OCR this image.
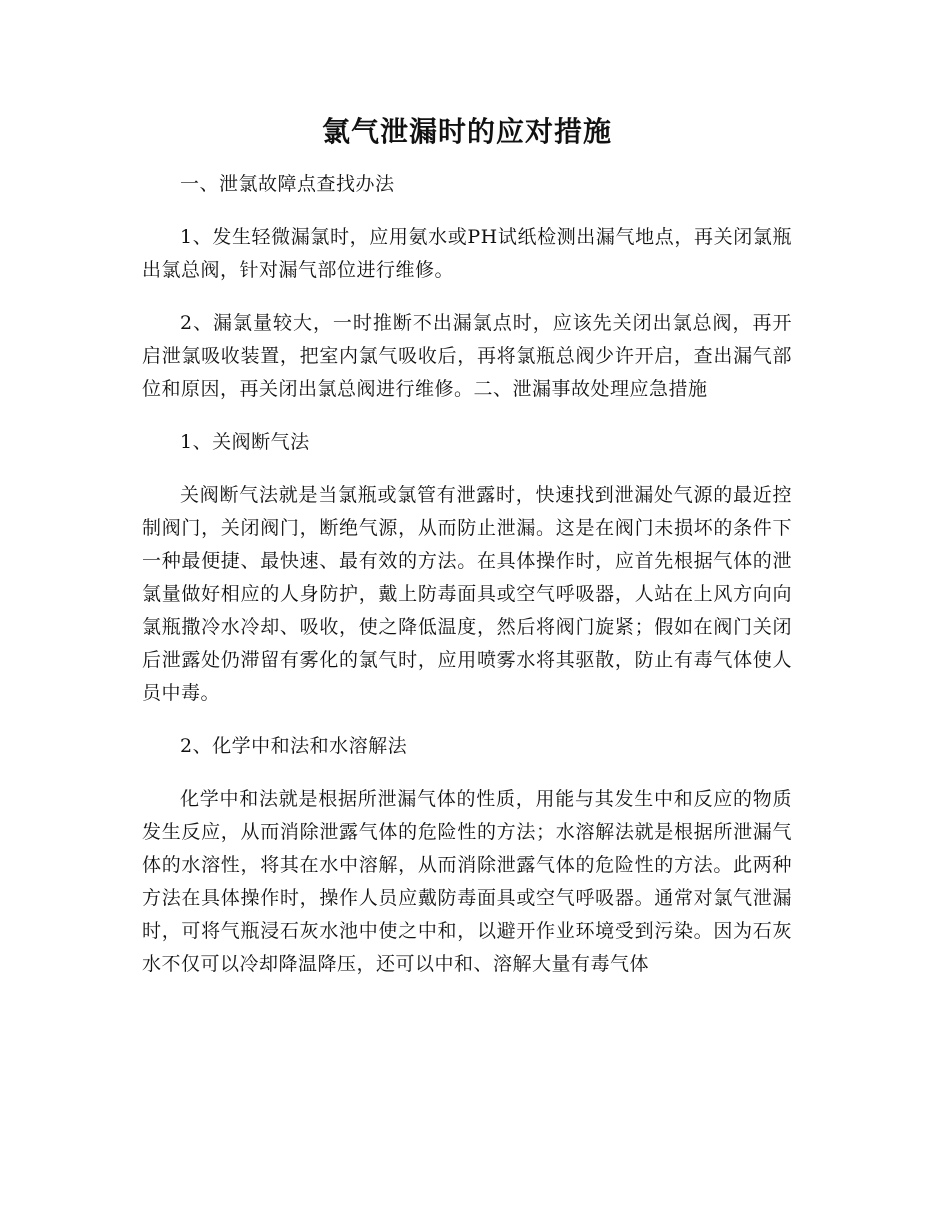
氯气泄漏时的应对措施

一、泄氯故障点查找办法

1、发生轻微漏氯时，应用氨水或PH试纸检测出漏气地点，再关闭氯瓶出氯总阀，针对漏气部位进行维修。

2、漏氯量较大，一时推断不出漏氯点时，应该先关闭出氯总阀，再开启泄氯吸收装置，把室内氯气吸收后，再将氯瓶总阀少许开启，查出漏气部位和原因，再关闭出氯总阀进行维修。二、泄漏事故处理应急措施

1、关阀断气法

关阀断气法就是当氯瓶或氯管有泄露时，快速找到泄漏处气源的最近控制阀门，关闭阀门，断绝气源，从而防止泄漏。这是在阀门未损坏的条件下一种最便捷、最快速、最有效的方法。在具体操作时，应首先根据气体的泄氯量做好相应的人身防护，戴上防毒面具或空气呼吸器，人站在上风方向向氯瓶撒冷水冷却、吸收，使之降低温度，然后将阀门旋紧；假如在阀门关闭后泄露处仍滞留有雾化的氯气时，应用喷雾水将其驱散，防止有毒气体使人员中毒。

2、化学中和法和水溶解法

化学中和法就是根据所泄漏气体的性质，用能与其发生中和反应的物质发生反应，从而消除泄露气体的危险性的方法；水溶解法就是根据所泄漏气体的水溶性，将其在水中溶解，从而消除泄露气体的危险性的方法。此两种方法在具体操作时，操作人员应戴防毒面具或空气呼吸器。通常对氯气泄漏时，可将气瓶浸石灰水池中使之中和，以避开作业环境受到污染。因为石灰水不仅可以冷却降温降压，还可以中和、溶解大量有毒气体
